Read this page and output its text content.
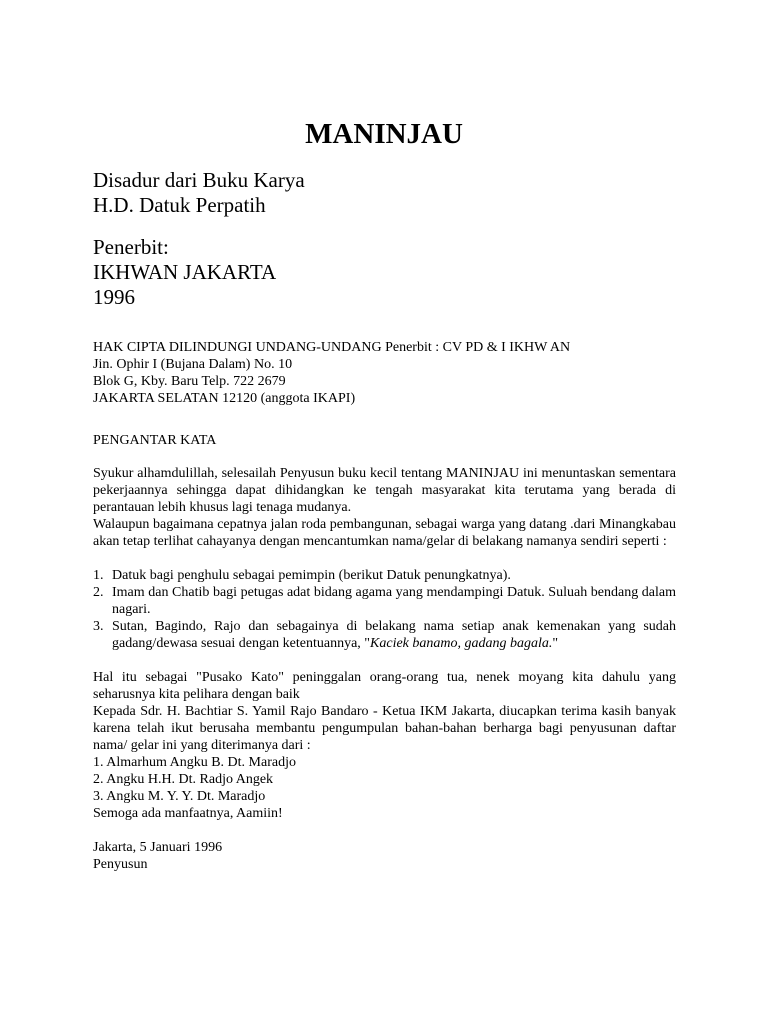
MANINJAU
Disadur dari Buku Karya
H.D. Datuk Perpatih
Penerbit:
IKHWAN JAKARTA
1996
HAK CIPTA DILINDUNGI UNDANG-UNDANG Penerbit : CV PD & I IKHW AN
Jin. Ophir I (Bujana Dalam) No. 10
Blok G, Kby. Baru Telp. 722 2679
JAKARTA SELATAN 12120 (anggota IKAPI)
PENGANTAR KATA
Syukur alhamdulillah, selesailah Penyusun buku kecil tentang MANINJAU ini menuntaskan sementara pekerjaannya sehingga dapat dihidangkan ke tengah masyarakat kita terutama yang berada di perantauan lebih khusus lagi tenaga mudanya.
Walaupun bagaimana cepatnya jalan roda pembangunan, sebagai warga yang datang .dari Minangkabau akan tetap terlihat cahayanya dengan mencantumkan nama/gelar di belakang namanya sendiri seperti :
1. Datuk bagi penghulu sebagai pemimpin (berikut Datuk penungkatnya).
2. Imam dan Chatib bagi petugas adat bidang agama yang mendampingi Datuk. Suluah bendang dalam nagari.
3. Sutan, Bagindo, Rajo dan sebagainya di belakang nama setiap anak kemenakan yang sudah gadang/dewasa sesuai dengan ketentuannya, "Kaciek banamo, gadang bagala."
Hal itu sebagai "Pusako Kato" peninggalan orang-orang tua, nenek moyang kita dahulu yang seharusnya kita pelihara dengan baik
Kepada Sdr. H. Bachtiar S. Yamil Rajo Bandaro - Ketua IKM Jakarta, diucapkan terima kasih banyak karena telah ikut berusaha membantu pengumpulan bahan-bahan berharga bagi penyusunan daftar nama/ gelar ini yang diterimanya dari :
1. Almarhum Angku B. Dt. Maradjo
2. Angku H.H. Dt. Radjo Angek
3. Angku M. Y. Y. Dt. Maradjo
Semoga ada manfaatnya, Aamiin!
Jakarta, 5 Januari 1996
Penyusun
